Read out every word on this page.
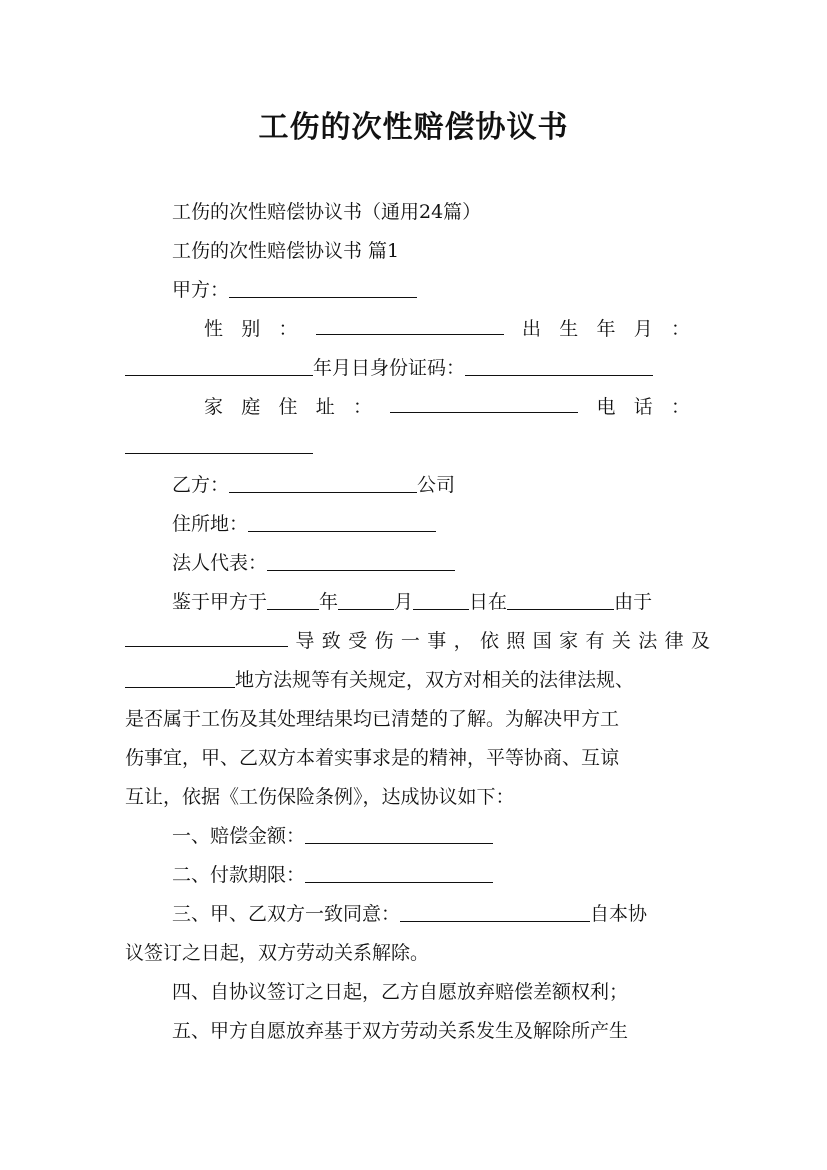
工伤的次性赔偿协议书
工伤的次性赔偿协议书（通用24篇）
工伤的次性赔偿协议书 篇1
甲方：
性 别 ：	出 生 年 月 ：
年月日身份证码：
家 庭 住 址 ：	电 话 ：
乙方：	公司
住所地：
法人代表：
鉴于甲方于	年	月	日在	由于
导 致 受 伤 一 事 ， 依 照 国 家 有 关 法 律 及
地方法规等有关规定，双方对相关的法律法规、
是否属于工伤及其处理结果均已清楚的了解。为解决甲方工
伤事宜，甲、乙双方本着实事求是的精神，平等协商、互谅
互让，依据《工伤保险条例》，达成协议如下：
一、赔偿金额：
二、付款期限：
三、甲、乙双方一致同意：	自本协
议签订之日起，双方劳动关系解除。
四、自协议签订之日起，乙方自愿放弃赔偿差额权利；
五、甲方自愿放弃基于双方劳动关系发生及解除所产生
